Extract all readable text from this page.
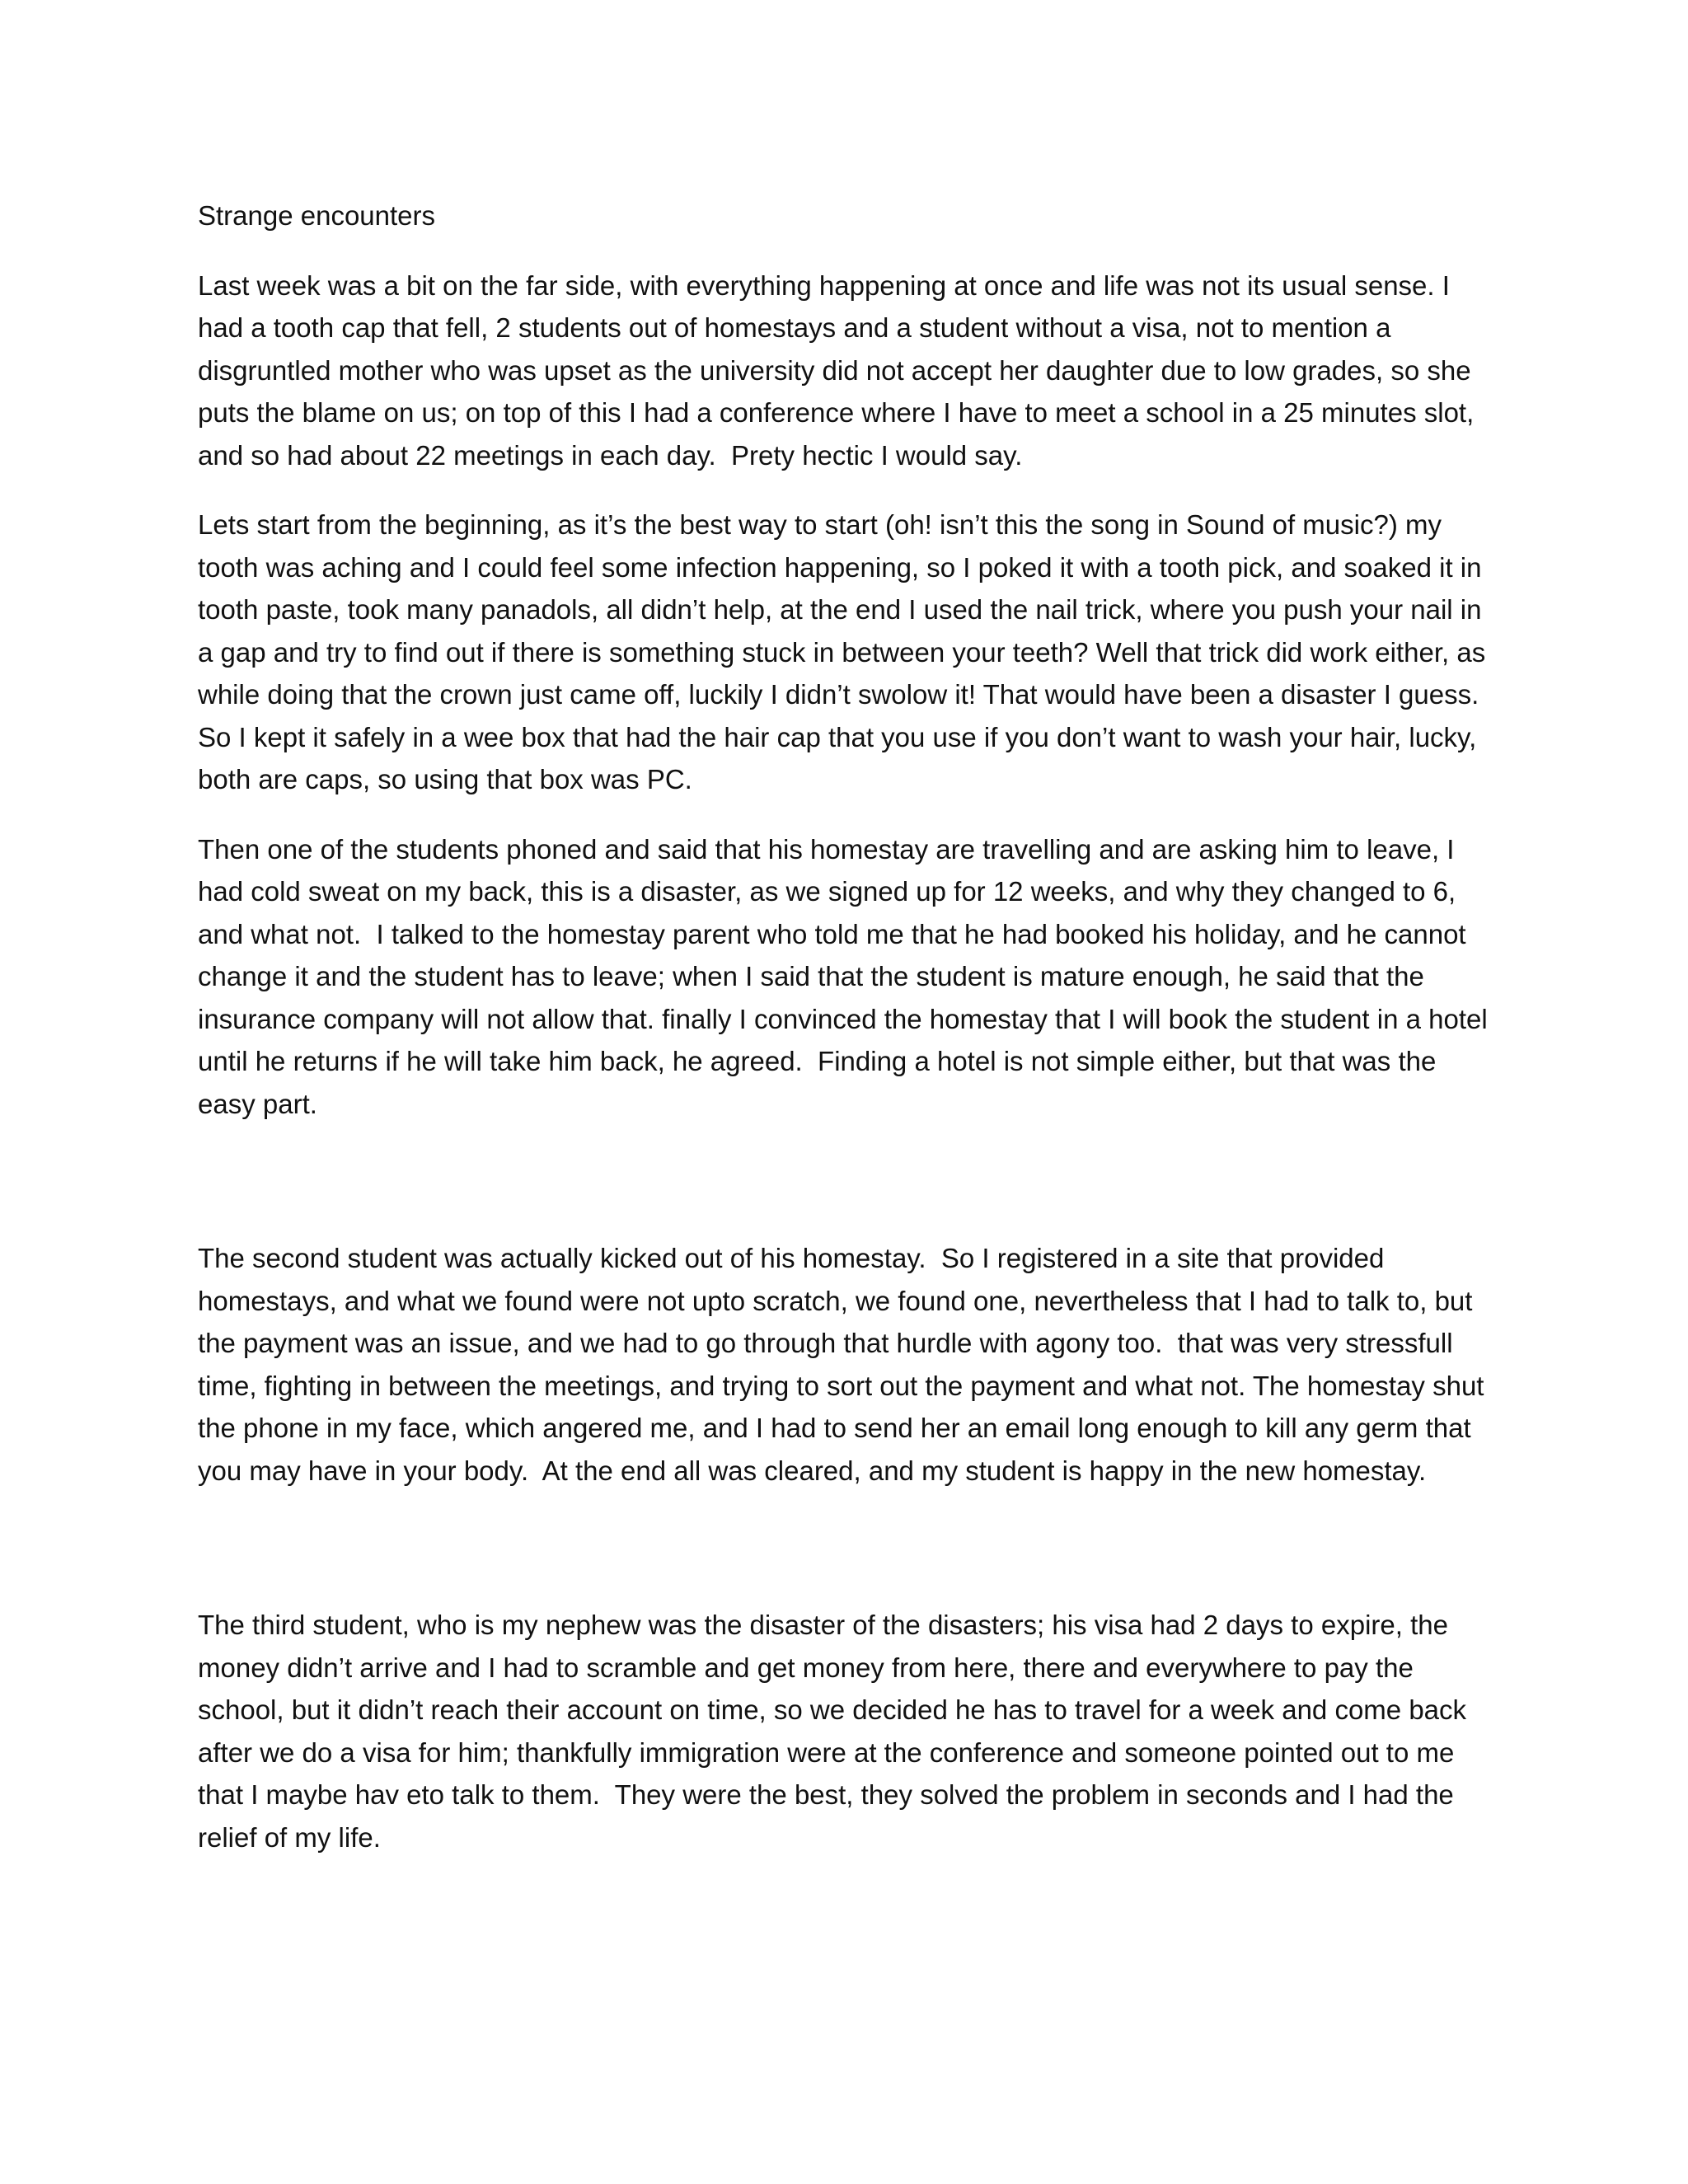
Strange encounters

Last week was a bit on the far side, with everything happening at once and life was not its usual sense. I had a tooth cap that fell, 2 students out of homestays and a student without a visa, not to mention a disgruntled mother who was upset as the university did not accept her daughter due to low grades, so she puts the blame on us; on top of this I had a conference where I have to meet a school in a 25 minutes slot, and so had about 22 meetings in each day.  Prety hectic I would say.

Lets start from the beginning, as it’s the best way to start (oh! isn’t this the song in Sound of music?) my tooth was aching and I could feel some infection happening, so I poked it with a tooth pick, and soaked it in tooth paste, took many panadols, all didn’t help, at the end I used the nail trick, where you push your nail in a gap and try to find out if there is something stuck in between your teeth? Well that trick did work either, as while doing that the crown just came off, luckily I didn’t swolow it! That would have been a disaster I guess. So I kept it safely in a wee box that had the hair cap that you use if you don’t want to wash your hair, lucky, both are caps, so using that box was PC.

Then one of the students phoned and said that his homestay are travelling and are asking him to leave, I had cold sweat on my back, this is a disaster, as we signed up for 12 weeks, and why they changed to 6, and what not.  I talked to the homestay parent who told me that he had booked his holiday, and he cannot change it and the student has to leave; when I said that the student is mature enough, he said that the insurance company will not allow that. finally I convinced the homestay that I will book the student in a hotel until he returns if he will take him back, he agreed.  Finding a hotel is not simple either, but that was the easy part.

The second student was actually kicked out of his homestay.  So I registered in a site that provided homestays, and what we found were not upto scratch, we found one, nevertheless that I had to talk to, but the payment was an issue, and we had to go through that hurdle with agony too.  that was very stressfull time, fighting in between the meetings, and trying to sort out the payment and what not. The homestay shut the phone in my face, which angered me, and I had to send her an email long enough to kill any germ that you may have in your body.  At the end all was cleared, and my student is happy in the new homestay.

The third student, who is my nephew was the disaster of the disasters; his visa had 2 days to expire, the money didn’t arrive and I had to scramble and get money from here, there and everywhere to pay the school, but it didn’t reach their account on time, so we decided he has to travel for a week and come back after we do a visa for him; thankfully immigration were at the conference and someone pointed out to me that I maybe hav eto talk to them.  They were the best, they solved the problem in seconds and I had the relief of my life.
